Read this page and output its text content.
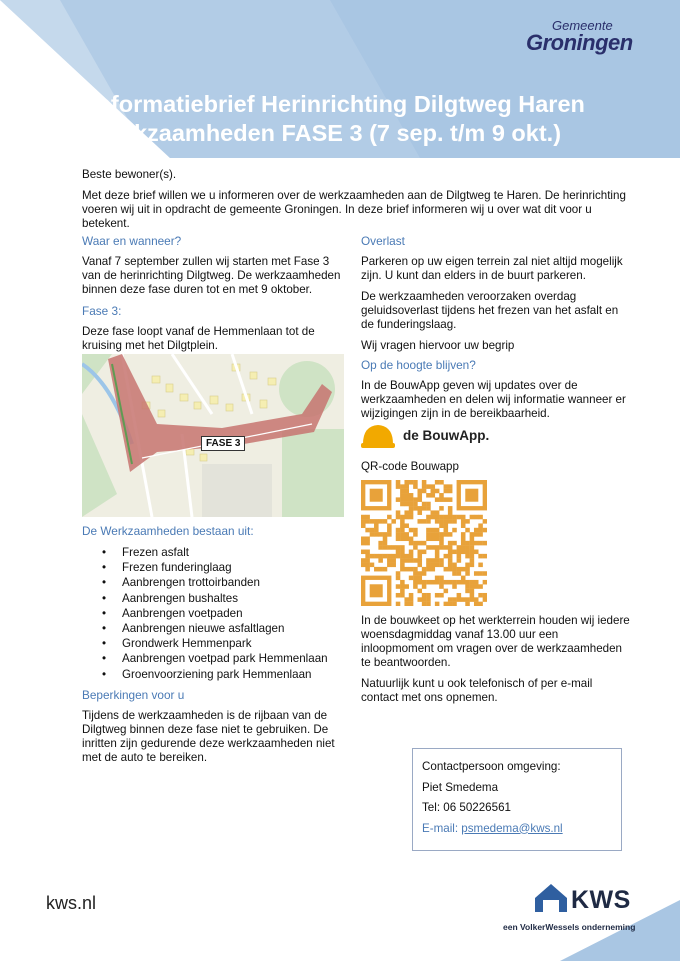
Gemeente
Groningen
Informatiebrief Herinrichting Dilgtweg Haren
Werkzaamheden FASE 3 (7 sep. t/m 9 okt.)

Beste bewoner(s).

Met deze brief willen we u informeren over de werkzaamheden aan de Dilgtweg te Haren. De herinrichting voeren wij uit in opdracht de gemeente Groningen. In deze brief informeren wij u over wat dit voor u betekent.

Waar en wanneer?

Vanaf 7 september zullen wij starten met Fase 3 van de herinrichting Dilgtweg. De werkzaamheden binnen deze fase duren tot en met 9 oktober.

Fase 3:

Deze fase loopt vanaf de Hemmenlaan tot de kruising met het Dilgtplein.

FASE 3

De Werkzaamheden bestaan uit:

• Frezen asfalt
• Frezen funderinglaag
• Aanbrengen trottoirbanden
• Aanbrengen bushaltes
• Aanbrengen voetpaden
• Aanbrengen nieuwe asfaltlagen
• Grondwerk Hemmenpark
• Aanbrengen voetpad park Hemmenlaan
• Groenvoorziening park Hemmenlaan

Beperkingen voor u

Tijdens de werkzaamheden is de rijbaan van de Dilgtweg binnen deze fase niet te gebruiken. De inritten zijn gedurende deze werkzaamheden niet met de auto te bereiken.

Overlast

Parkeren op uw eigen terrein zal niet altijd mogelijk zijn. U kunt dan elders in de buurt parkeren.

De werkzaamheden veroorzaken overdag geluidsoverlast tijdens het frezen van het asfalt en de funderingslaag.

Wij vragen hiervoor uw begrip

Op de hoogte blijven?

In de BouwApp geven wij updates over de werkzaamheden en delen wij informatie wanneer er wijzigingen zijn in de bereikbaarheid.

de BouwApp.

QR-code Bouwapp

In de bouwkeet op het werkterrein houden wij iedere woensdagmiddag vanaf 13.00 uur een inloopmoment om vragen over de werkzaamheden te beantwoorden.

Natuurlijk kunt u ook telefonisch of per e-mail contact met ons opnemen.

Contactpersoon omgeving:

Piet Smedema

Tel: 06 50226561

E-mail: psmedema@kws.nl

kws.nl	KWS
een VolkerWessels onderneming
